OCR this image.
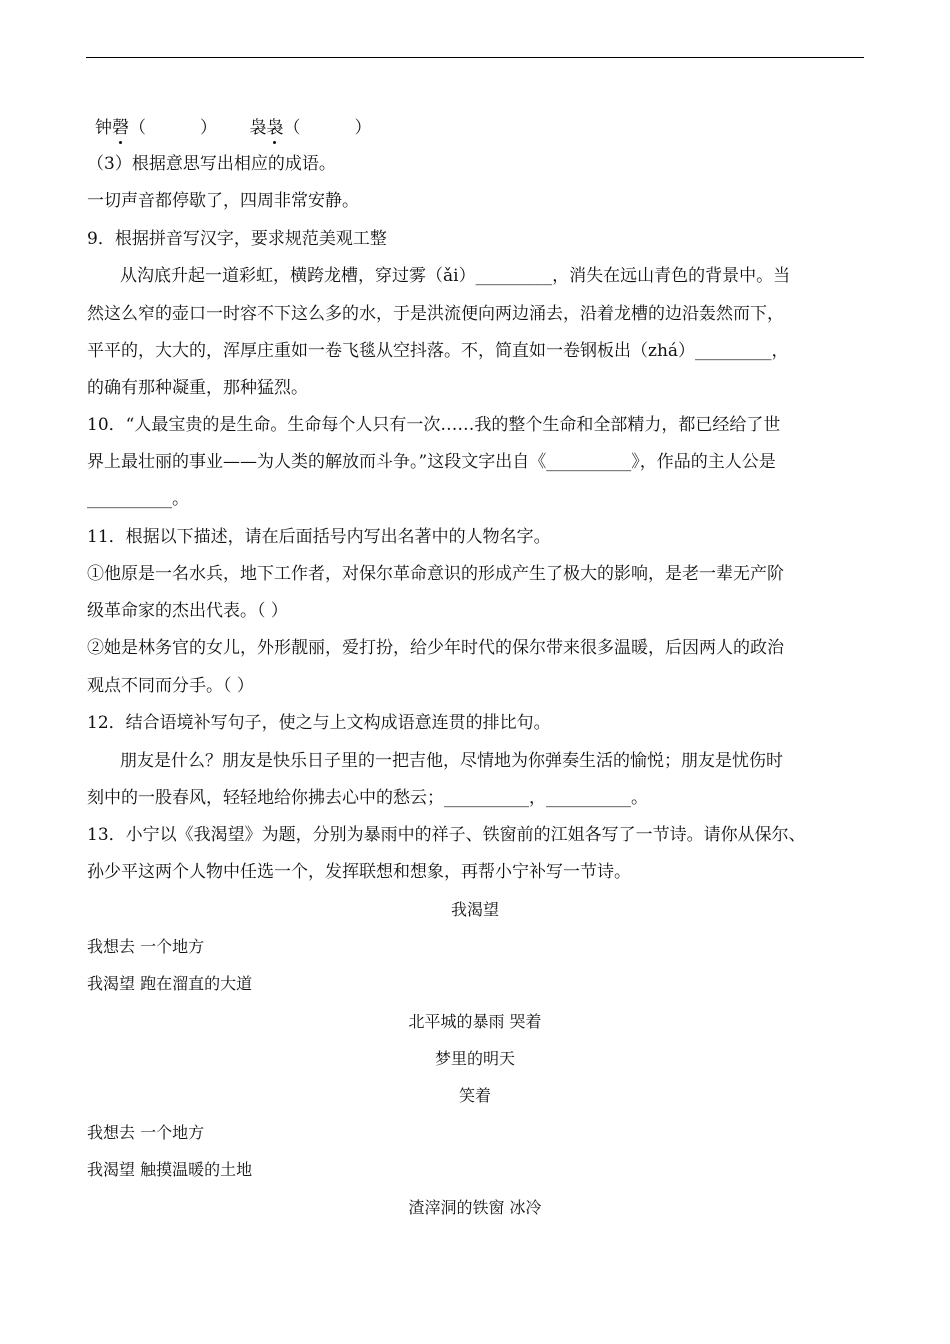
钟磬（          ）      袅袅（          ）
（3）根据意思写出相应的成语。
一切声音都停歇了，四周非常安静。
9．根据拼音写汉字，要求规范美观工整
从沟底升起一道彩虹，横跨龙槽，穿过雾（ǎi）_________，消失在远山青色的背景中。当
然这么窄的壶口一时容不下这么多的水，于是洪流便向两边涌去，沿着龙槽的边沿轰然而下，
平平的，大大的，浑厚庄重如一卷飞毯从空抖落。不，简直如一卷钢板出（zhá）_________，
的确有那种凝重，那种猛烈。
10．“人最宝贵的是生命。生命每个人只有一次……我的整个生命和全部精力，都已经给了世
界上最壮丽的事业——为人类的解放而斗争。”这段文字出自《__________》，作品的主人公是
__________。
11．根据以下描述，请在后面括号内写出名著中的人物名字。
①他原是一名水兵，地下工作者，对保尔革命意识的形成产生了极大的影响，是老一辈无产阶
级革命家的杰出代表。（ ）
②她是林务官的女儿，外形靓丽，爱打扮，给少年时代的保尔带来很多温暖，后因两人的政治
观点不同而分手。（ ）
12．结合语境补写句子，使之与上文构成语意连贯的排比句。
朋友是什么？朋友是快乐日子里的一把吉他，尽情地为你弹奏生活的愉悦；朋友是忧伤时
刻中的一股春风，轻轻地给你拂去心中的愁云；__________，__________。
13．小宁以《我渴望》为题，分别为暴雨中的祥子、铁窗前的江姐各写了一节诗。请你从保尔、
孙少平这两个人物中任选一个，发挥联想和想象，再帮小宁补写一节诗。
我渴望
我想去 一个地方
我渴望 跑在溜直的大道
北平城的暴雨 哭着
梦里的明天
笑着
我想去 一个地方
我渴望 触摸温暖的土地
渣滓洞的铁窗 冰冷
